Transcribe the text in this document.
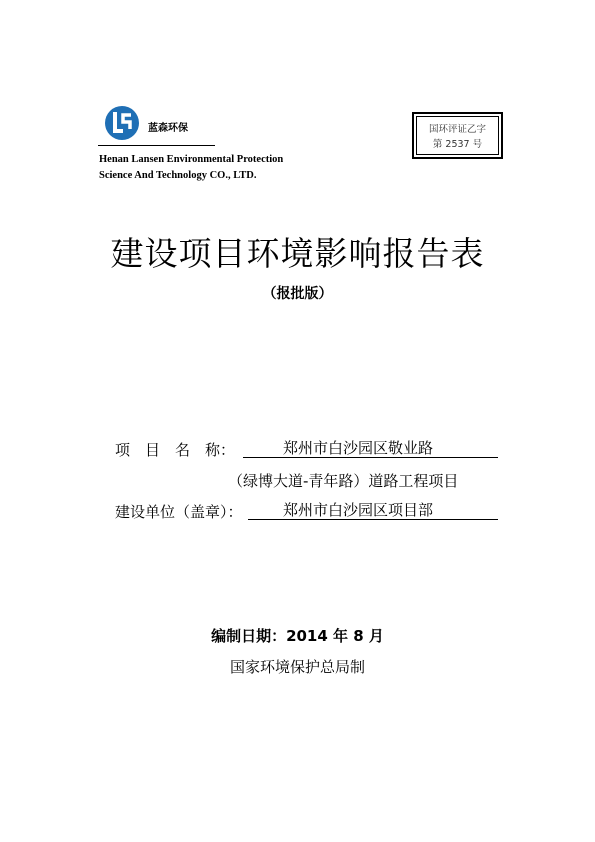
蓝森环保
Henan Lansen Environmental Protection
Science And Technology CO., LTD.
国环评证乙字
第 2537 号
建设项目环境影响报告表
（报批版）
项　目　名　称：	郑州市白沙园区敬业路
（绿博大道-青年路）道路工程项目
建设单位（盖章）：	郑州市白沙园区项目部
编制日期：2014 年 8 月
国家环境保护总局制
